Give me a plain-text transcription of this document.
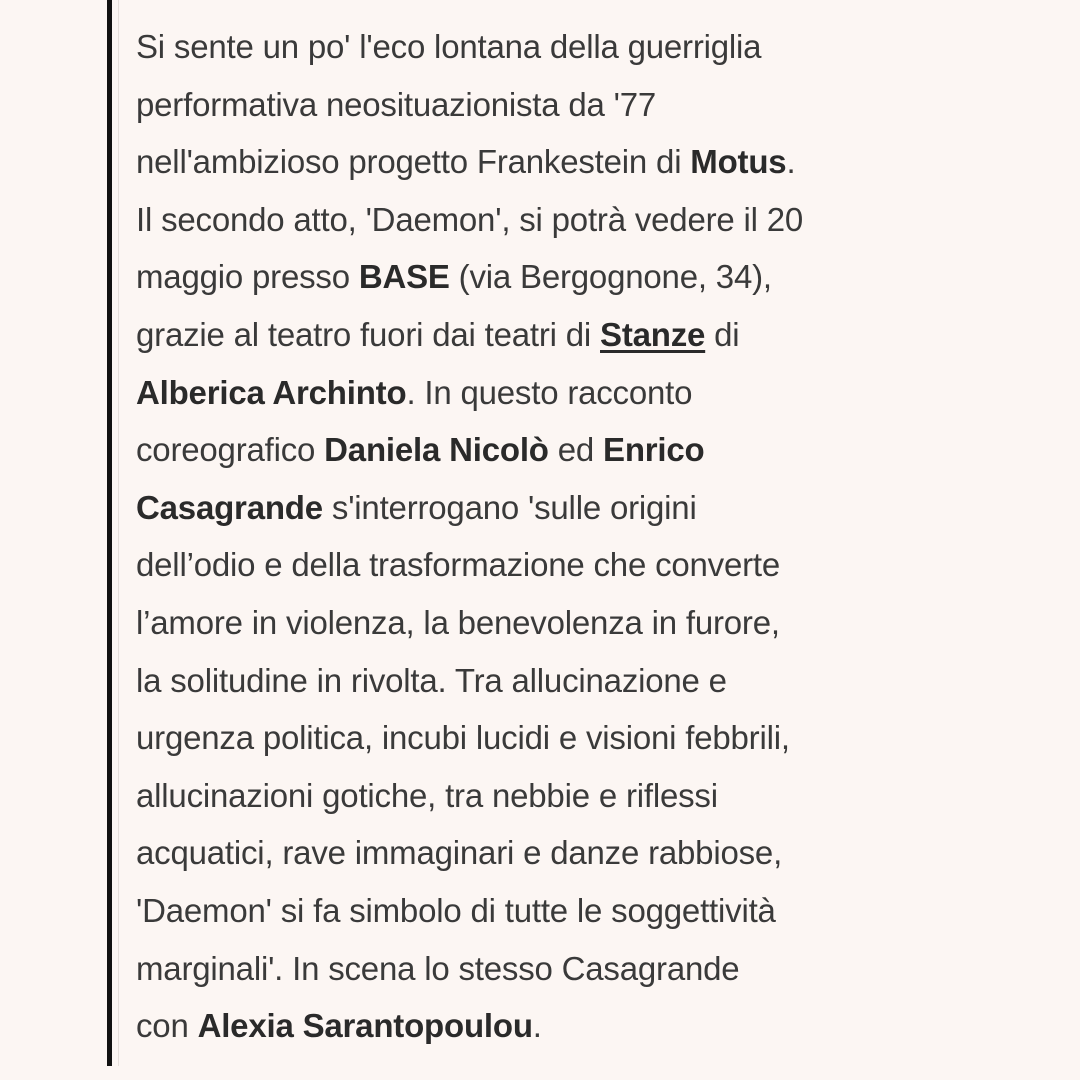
Si sente un po' l'eco lontana della guerriglia
performativa neosituazionista da '77
nell'ambizioso progetto Frankestein di Motus.
Il secondo atto, 'Daemon', si potrà vedere il 20
maggio presso BASE (via Bergognone, 34),
grazie al teatro fuori dai teatri di Stanze di
Alberica Archinto. In questo racconto
coreografico Daniela Nicolò ed Enrico
Casagrande s'interrogano 'sulle origini
dell’odio e della trasformazione che converte
l’amore in violenza, la benevolenza in furore,
la solitudine in rivolta. Tra allucinazione e
urgenza politica, incubi lucidi e visioni febbrili,
allucinazioni gotiche, tra nebbie e riflessi
acquatici, rave immaginari e danze rabbiose,
'Daemon' si fa simbolo di tutte le soggettività
marginali'. In scena lo stesso Casagrande
con Alexia Sarantopoulou.
